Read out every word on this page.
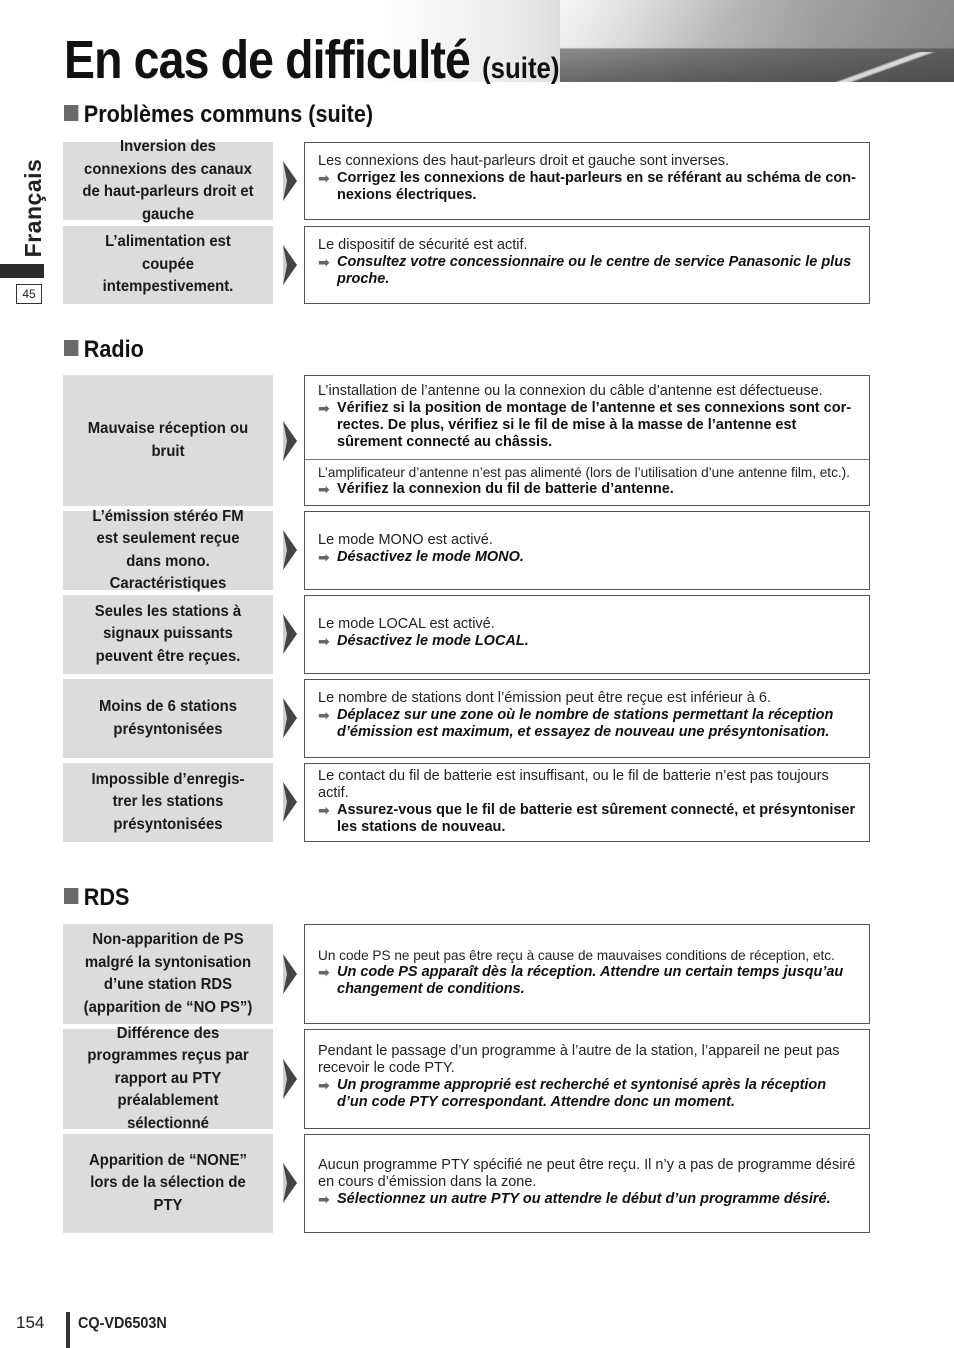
En cas de difficulté (suite)
Français
45
Problèmes communs (suite)
Inversion des connexions des canaux de haut-parleurs droit et gauche
Les connexions des haut-parleurs droit et gauche sont inverses.
➡ Corrigez les connexions de haut-parleurs en se référant au schéma de con-nexions électriques.
L’alimentation est coupée intempestivement.
Le dispositif de sécurité est actif.
➡ Consultez votre concessionnaire ou le centre de service Panasonic le plus proche.
Radio
Mauvaise réception ou bruit
L’installation de l’antenne ou la connexion du câble d’antenne est défectueuse.
➡ Vérifiez si la position de montage de l’antenne et ses connexions sont cor-rectes. De plus, vérifiez si le fil de mise à la masse de l’antenne est sûrement connecté au châssis.
L’amplificateur d’antenne n’est pas alimenté (lors de l’utilisation d’une antenne film, etc.).
➡ Vérifiez la connexion du fil de batterie d’antenne.
L’émission stéréo FM est seulement reçue dans mono. Caractéristiques
Le mode MONO est activé.
➡ Désactivez le mode MONO.
Seules les stations à signaux puissants peuvent être reçues.
Le mode LOCAL est activé.
➡ Désactivez le mode LOCAL.
Moins de 6 stations présyntonisées
Le nombre de stations dont l’émission peut être reçue est inférieur à 6.
➡ Déplacez sur une zone où le nombre de stations permettant la réception d’émission est maximum, et essayez de nouveau une présyntonisation.
Impossible d’enregis-trer les stations présyntonisées
Le contact du fil de batterie est insuffisant, ou le fil de batterie n’est pas toujours actif.
➡ Assurez-vous que le fil de batterie est sûrement connecté, et présyntoniser les stations de nouveau.
RDS
Non-apparition de PS malgré la syntonisation d’une station RDS (apparition de “NO PS”)
Un code PS ne peut pas être reçu à cause de mauvaises conditions de réception, etc.
➡ Un code PS apparaît dès la réception. Attendre un certain temps jusqu’au changement de conditions.
Différence des programmes reçus par rapport au PTY préalablement sélectionné
Pendant le passage d’un programme à l’autre de la station, l’appareil ne peut pas recevoir le code PTY.
➡ Un programme approprié est recherché et syntonisé après la réception d’un code PTY correspondant. Attendre donc un moment.
Apparition de “NONE” lors de la sélection de PTY
Aucun programme PTY spécifié ne peut être reçu. Il n’y a pas de programme désiré en cours d’émission dans la zone.
➡ Sélectionnez un autre PTY ou attendre le début d’un programme désiré.
154 CQ-VD6503N
